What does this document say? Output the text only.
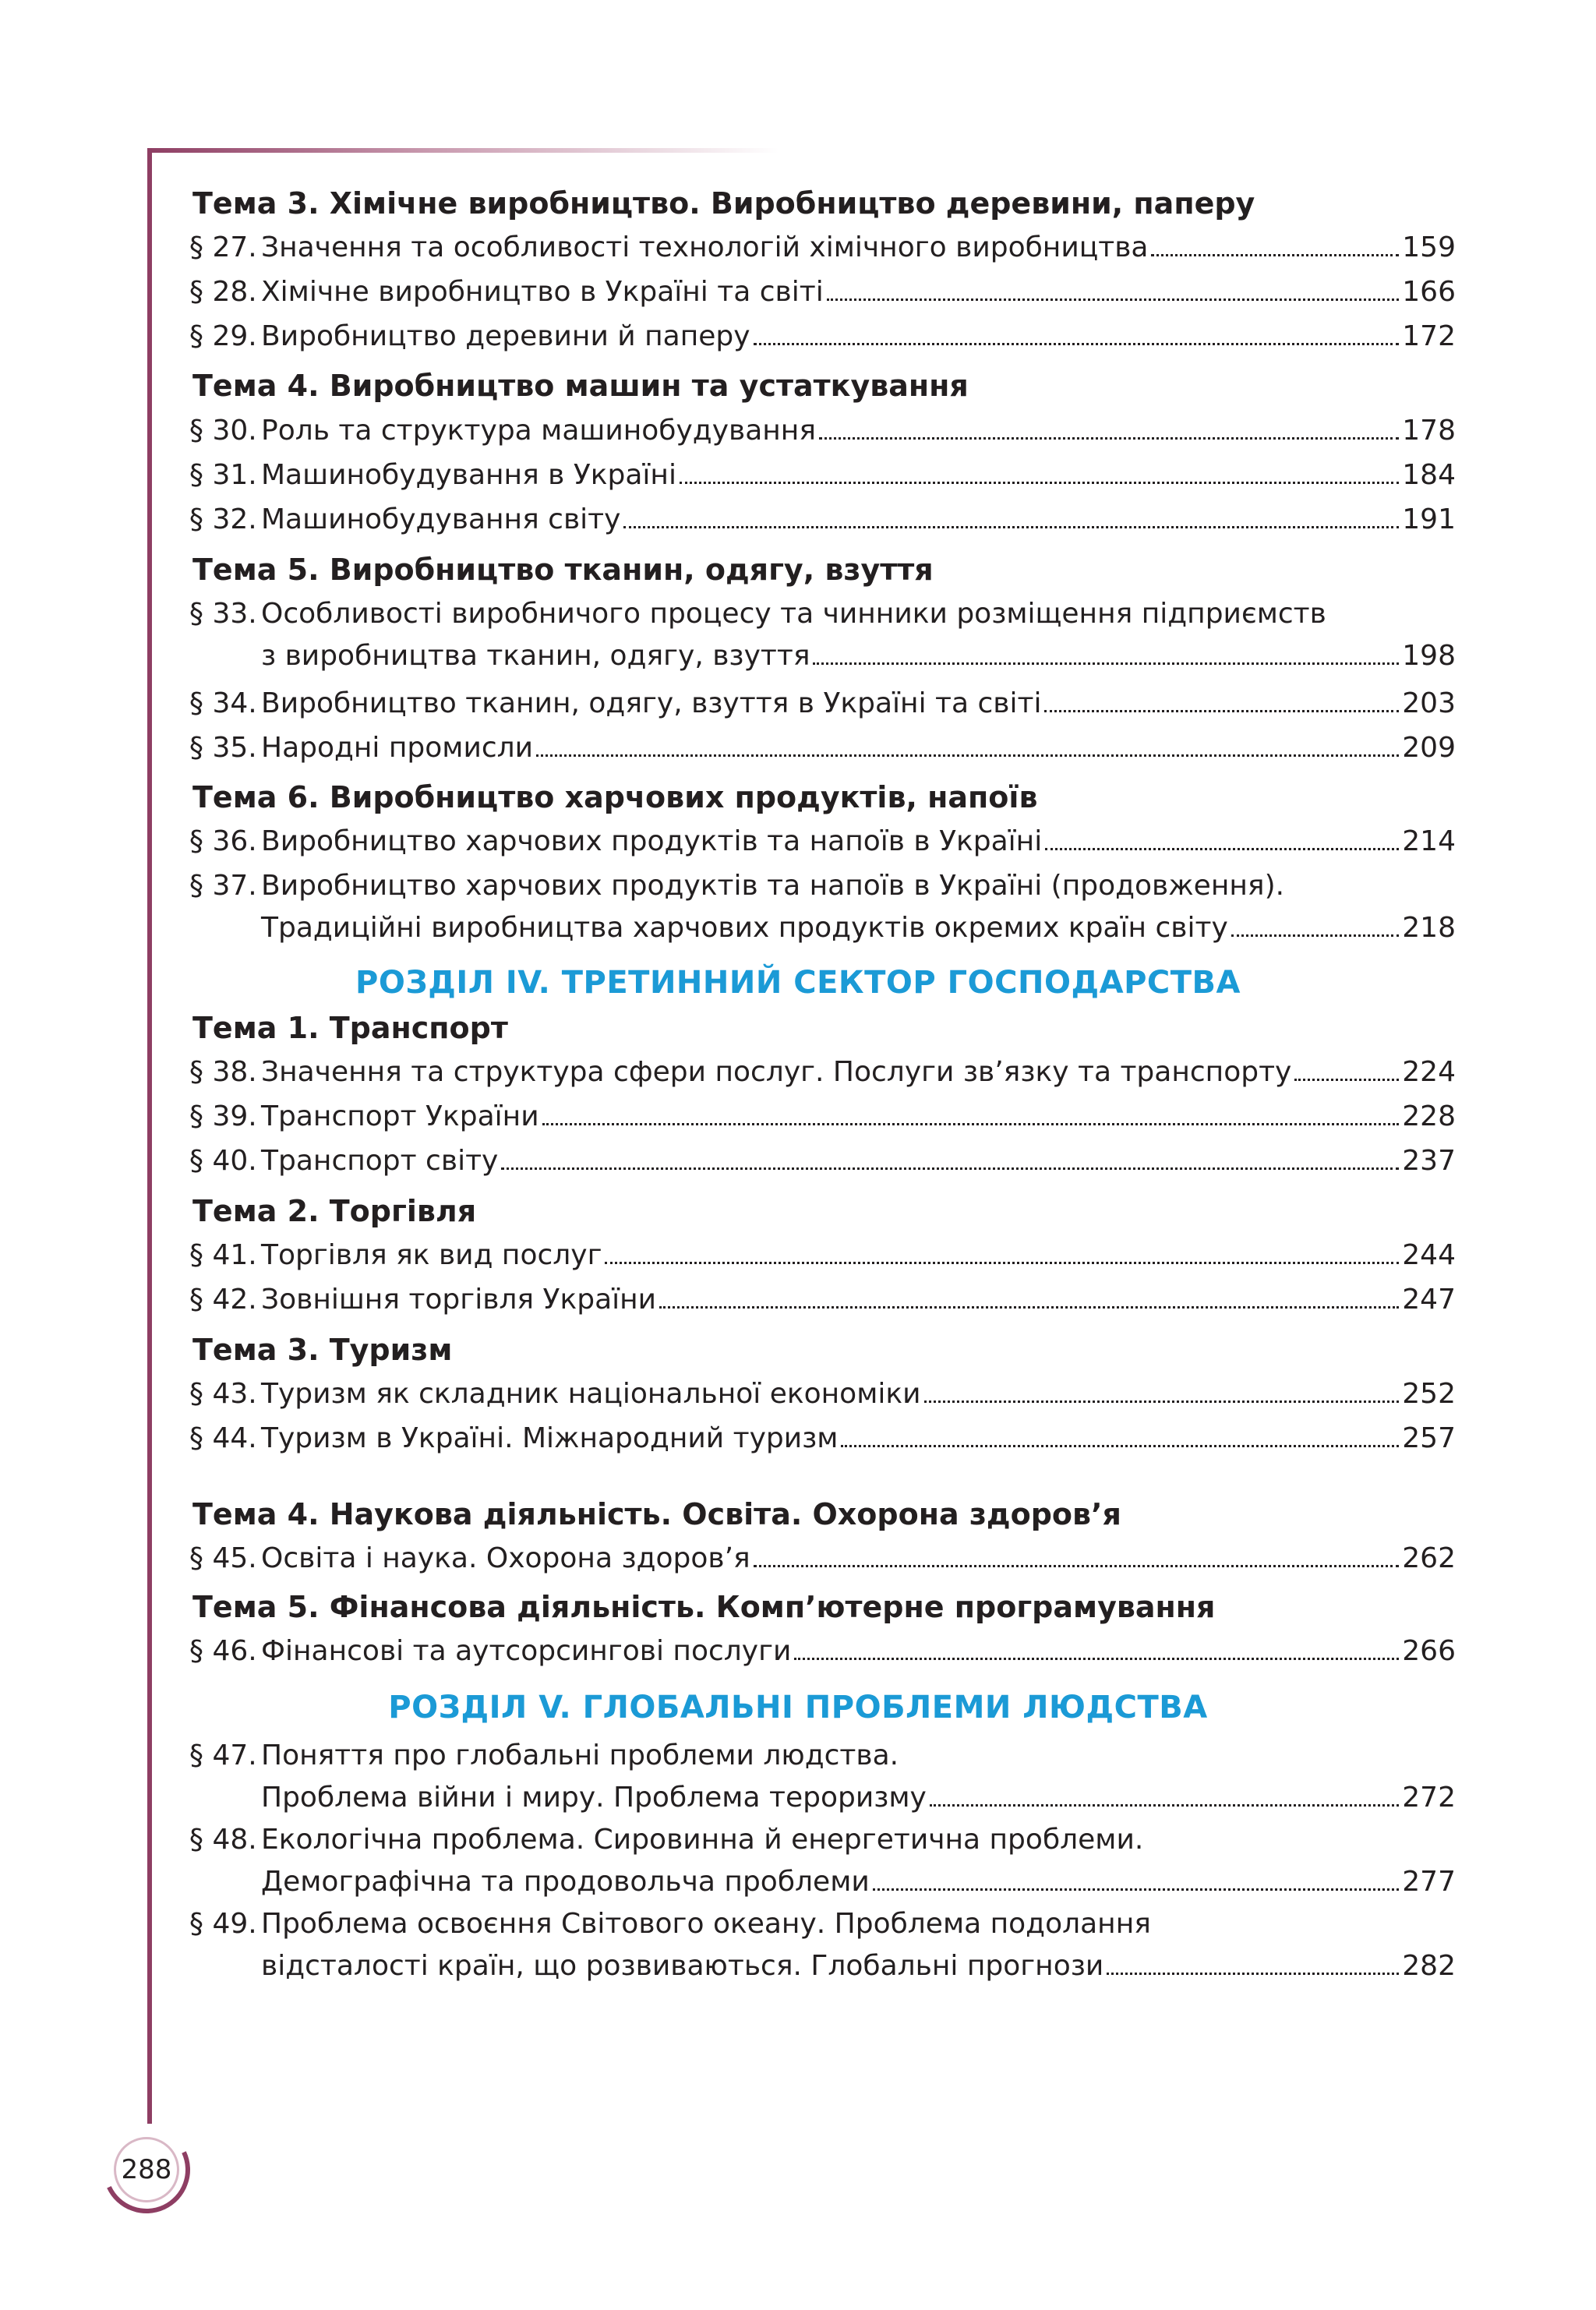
288
Тема 3. Хімічне виробництво. Виробництво деревини, паперу
§ 27. Значення та особливості технологій хімічного виробництва	159
§ 28. Хімічне виробництво в Україні та світі	166
§ 29. Виробництво деревини й паперу	172
Тема 4. Виробництво машин та устаткування
§ 30. Роль та структура машинобудування	178
§ 31. Машинобудування в Україні	184
§ 32. Машинобудування світу	191
Тема 5. Виробництво тканин, одягу, взуття
§ 33. Особливості виробничого процесу та чинники розміщення підприємств
з виробництва тканин, одягу, взуття	198
§ 34. Виробництво тканин, одягу, взуття в Україні та світі	203
§ 35. Народні промисли	209
Тема 6. Виробництво харчових продуктів, напоїв
§ 36. Виробництво харчових продуктів та напоїв в Україні	214
§ 37. Виробництво харчових продуктів та напоїв в Україні (продовження).
Традиційні виробництва харчових продуктів окремих країн світу	218
РОЗДІЛ IV. ТРЕТИННИЙ СЕКТОР ГОСПОДАРСТВА
Тема 1. Транспорт
§ 38. Значення та структура сфери послуг. Послуги зв’язку та транспорту	224
§ 39. Транспорт України	228
§ 40. Транспорт світу	237
Тема 2. Торгівля
§ 41. Торгівля як вид послуг	244
§ 42. Зовнішня торгівля України	247
Тема 3. Туризм
§ 43. Туризм як складник національної економіки	252
§ 44. Туризм в Україні. Міжнародний туризм	257
Тема 4. Наукова діяльність. Освіта. Охорона здоров’я
§ 45. Освіта і наука. Охорона здоров’я	262
Тема 5. Фінансова діяльність. Комп’ютерне програмування
§ 46. Фінансові та аутсорсингові послуги	266
РОЗДІЛ V. ГЛОБАЛЬНІ ПРОБЛЕМИ ЛЮДСТВА
§ 47. Поняття про глобальні проблеми людства.
Проблема війни і миру. Проблема тероризму	272
§ 48. Екологічна проблема. Сировинна й енергетична проблеми.
Демографічна та продовольча проблеми	277
§ 49. Проблема освоєння Світового океану. Проблема подолання
відсталості країн, що розвиваються. Глобальні прогнози	282
